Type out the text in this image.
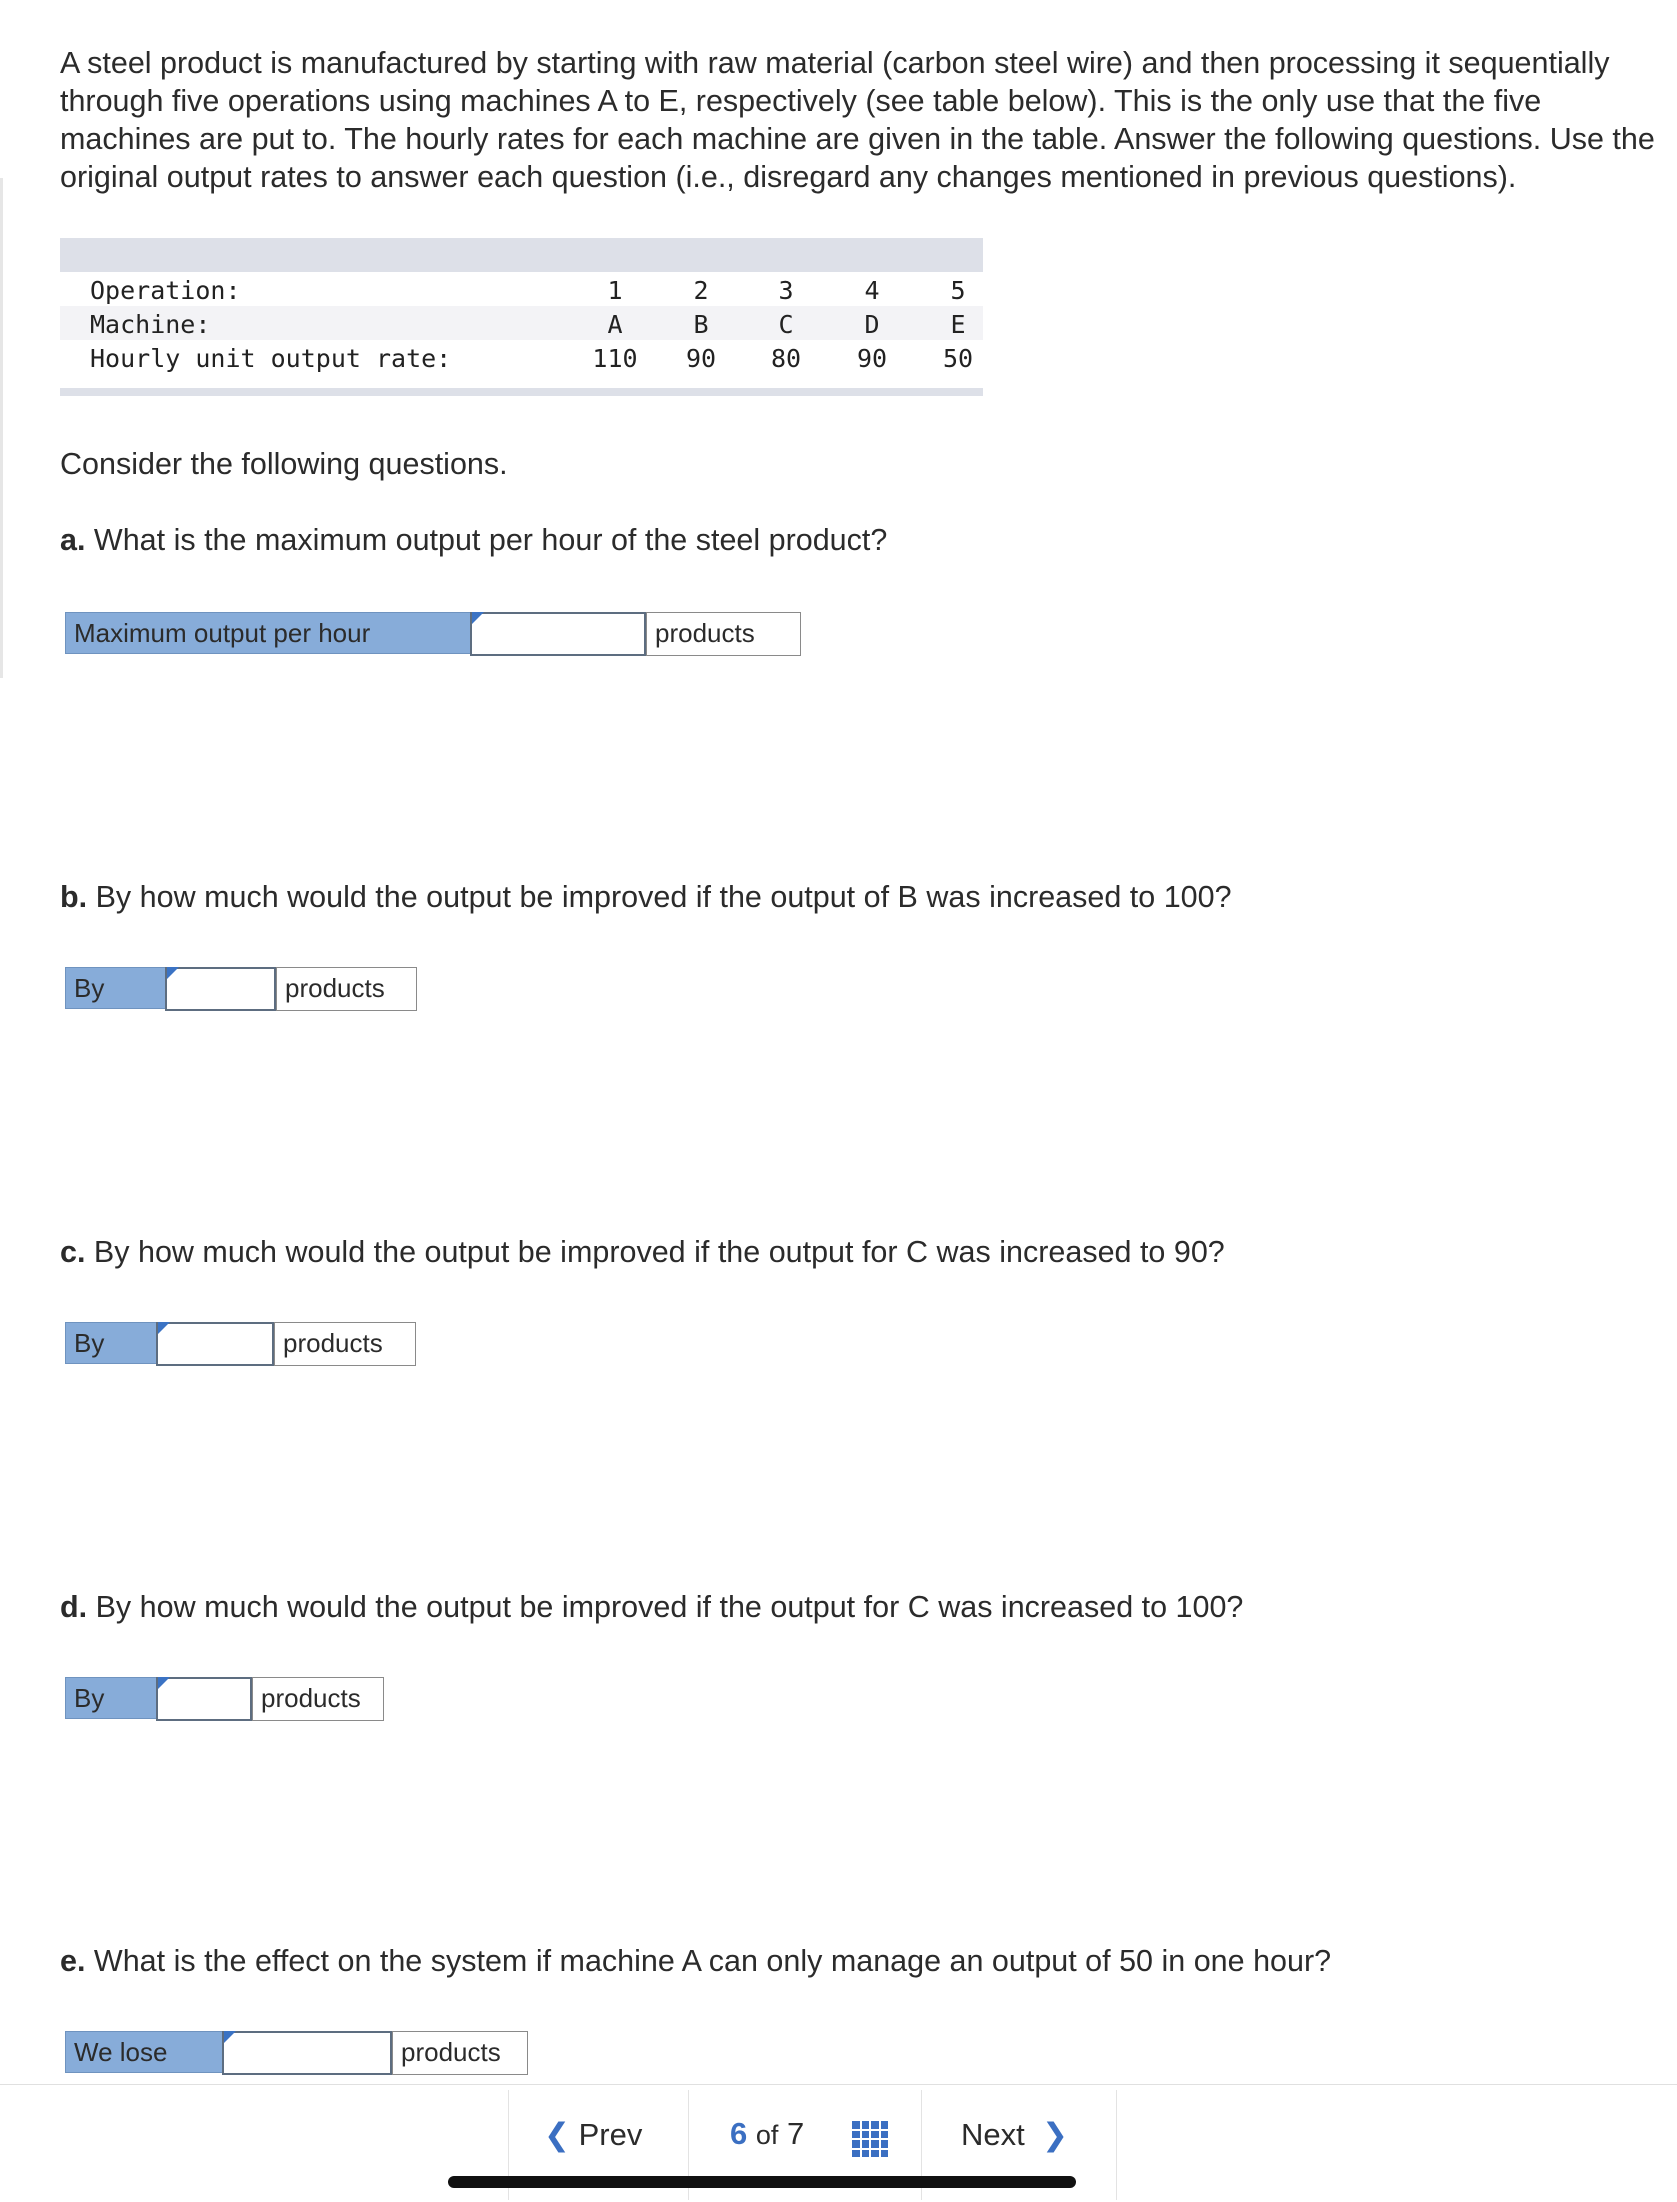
A steel product is manufactured by starting with raw material (carbon steel wire) and then processing it sequentially through five operations using machines A to E, respectively (see table below). This is the only use that the five machines are put to. The hourly rates for each machine are given in the table. Answer the following questions. Use the original output rates to answer each question (i.e., disregard any changes mentioned in previous questions).

Operation:	1	2	3	4	5
Machine:	A	B	C	D	E
Hourly unit output rate:	110	90	80	90	50

Consider the following questions.

a. What is the maximum output per hour of the steel product?

Maximum output per hour	products

b. By how much would the output be improved if the output of B was increased to 100?

By	products

c. By how much would the output be improved if the output for C was increased to 90?

By	products

d. By how much would the output be improved if the output for C was increased to 100?

By	products

e. What is the effect on the system if machine A can only manage an output of 50 in one hour?

We lose	products
❮ Prev	6 of 7	Next ❯
